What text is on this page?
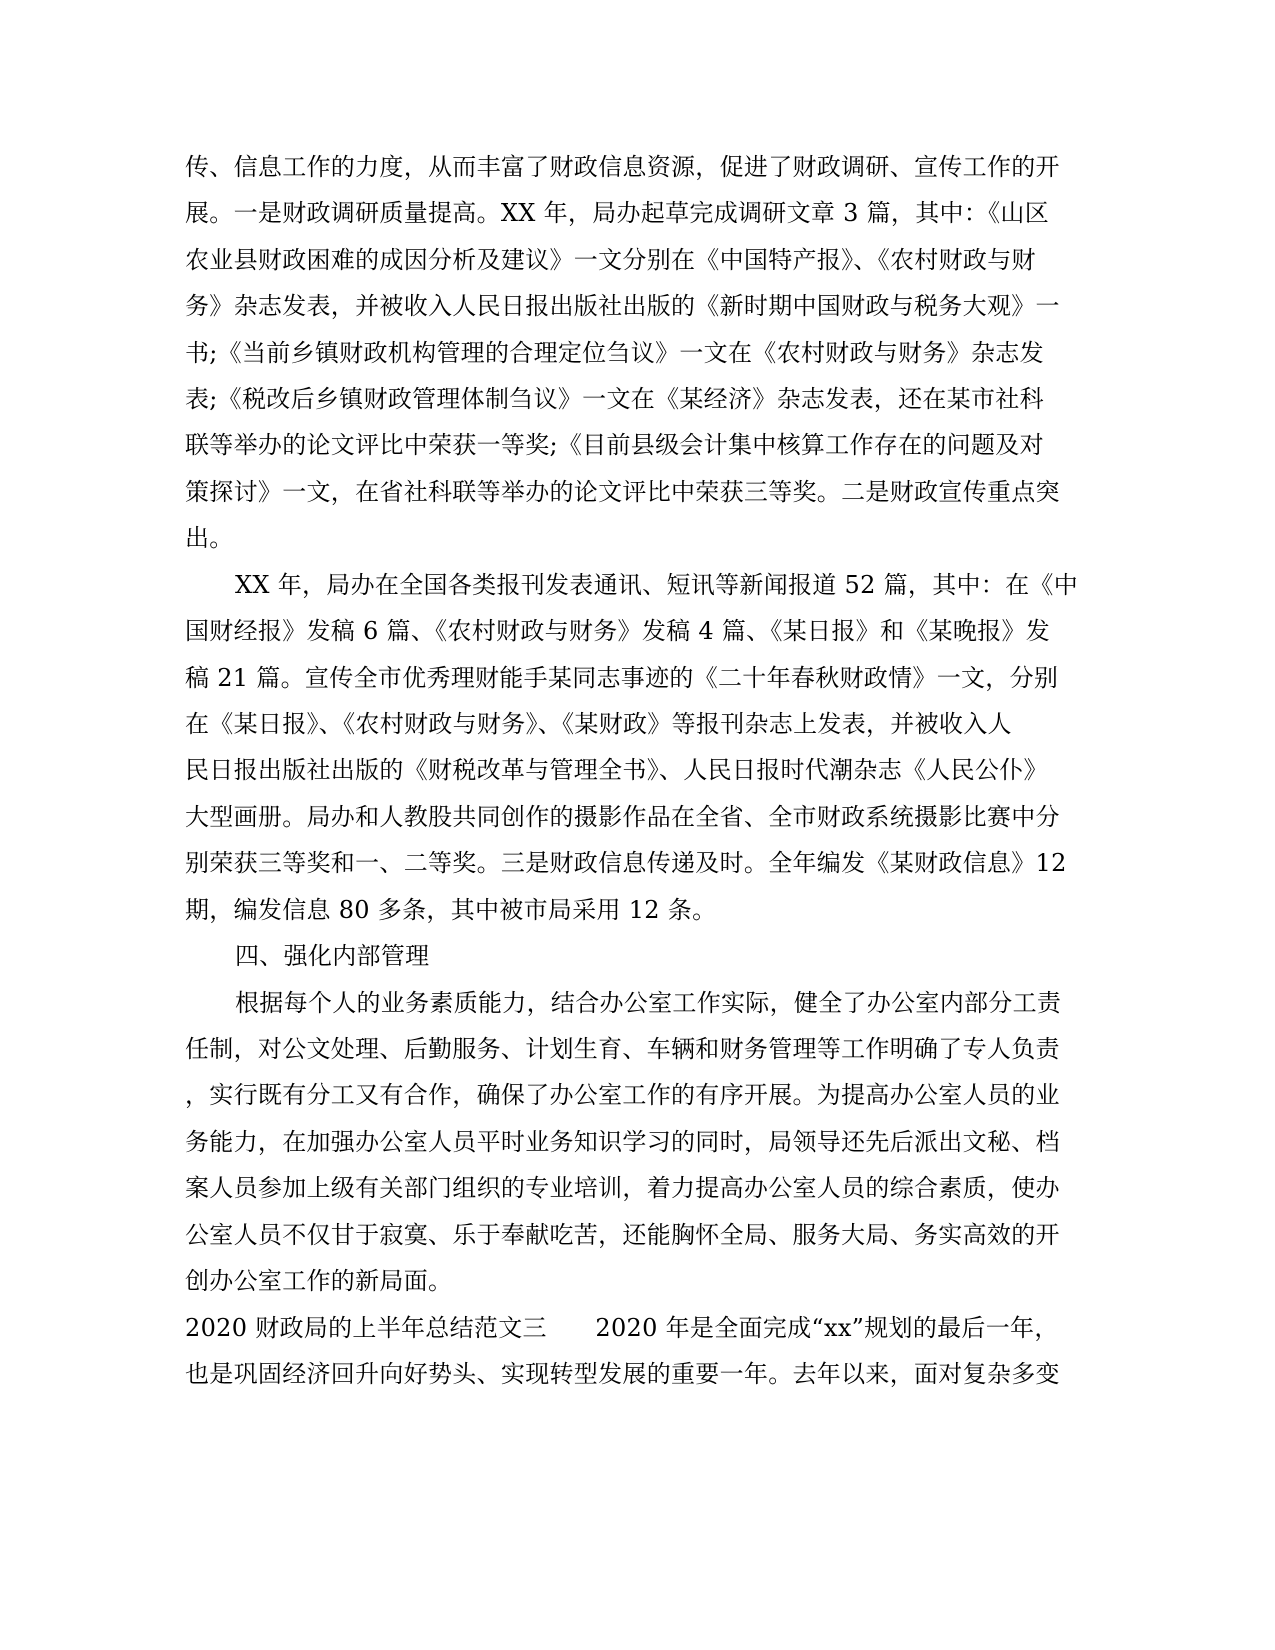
传、信息工作的力度，从而丰富了财政信息资源，促进了财政调研、宣传工作的开
展。一是财政调研质量提高。XX 年，局办起草完成调研文章 3 篇，其中：《山区
农业县财政困难的成因分析及建议》一文分别在《中国特产报》、《农村财政与财
务》杂志发表，并被收入人民日报出版社出版的《新时期中国财政与税务大观》一
书;《当前乡镇财政机构管理的合理定位刍议》一文在《农村财政与财务》杂志发
表;《税改后乡镇财政管理体制刍议》一文在《某经济》杂志发表，还在某市社科
联等举办的论文评比中荣获一等奖;《目前县级会计集中核算工作存在的问题及对
策探讨》一文，在省社科联等举办的论文评比中荣获三等奖。二是财政宣传重点突
出。
XX 年，局办在全国各类报刊发表通讯、短讯等新闻报道 52 篇，其中：在《中
国财经报》发稿 6 篇、《农村财政与财务》发稿 4 篇、《某日报》和《某晚报》发
稿 21 篇。宣传全市优秀理财能手某同志事迹的《二十年春秋财政情》一文，分别
在《某日报》、《农村财政与财务》、《某财政》等报刊杂志上发表，并被收入人
民日报出版社出版的《财税改革与管理全书》、人民日报时代潮杂志《人民公仆》
大型画册。局办和人教股共同创作的摄影作品在全省、全市财政系统摄影比赛中分
别荣获三等奖和一、二等奖。三是财政信息传递及时。全年编发《某财政信息》12
期，编发信息 80 多条，其中被市局采用 12 条。
四、强化内部管理
根据每个人的业务素质能力，结合办公室工作实际，健全了办公室内部分工责
任制，对公文处理、后勤服务、计划生育、车辆和财务管理等工作明确了专人负责
，实行既有分工又有合作，确保了办公室工作的有序开展。为提高办公室人员的业
务能力，在加强办公室人员平时业务知识学习的同时，局领导还先后派出文秘、档
案人员参加上级有关部门组织的专业培训，着力提高办公室人员的综合素质，使办
公室人员不仅甘于寂寞、乐于奉献吃苦，还能胸怀全局、服务大局、务实高效的开
创办公室工作的新局面。
2020 财政局的上半年总结范文三　　2020 年是全面完成“xx”规划的最后一年，
也是巩固经济回升向好势头、实现转型发展的重要一年。去年以来，面对复杂多变
